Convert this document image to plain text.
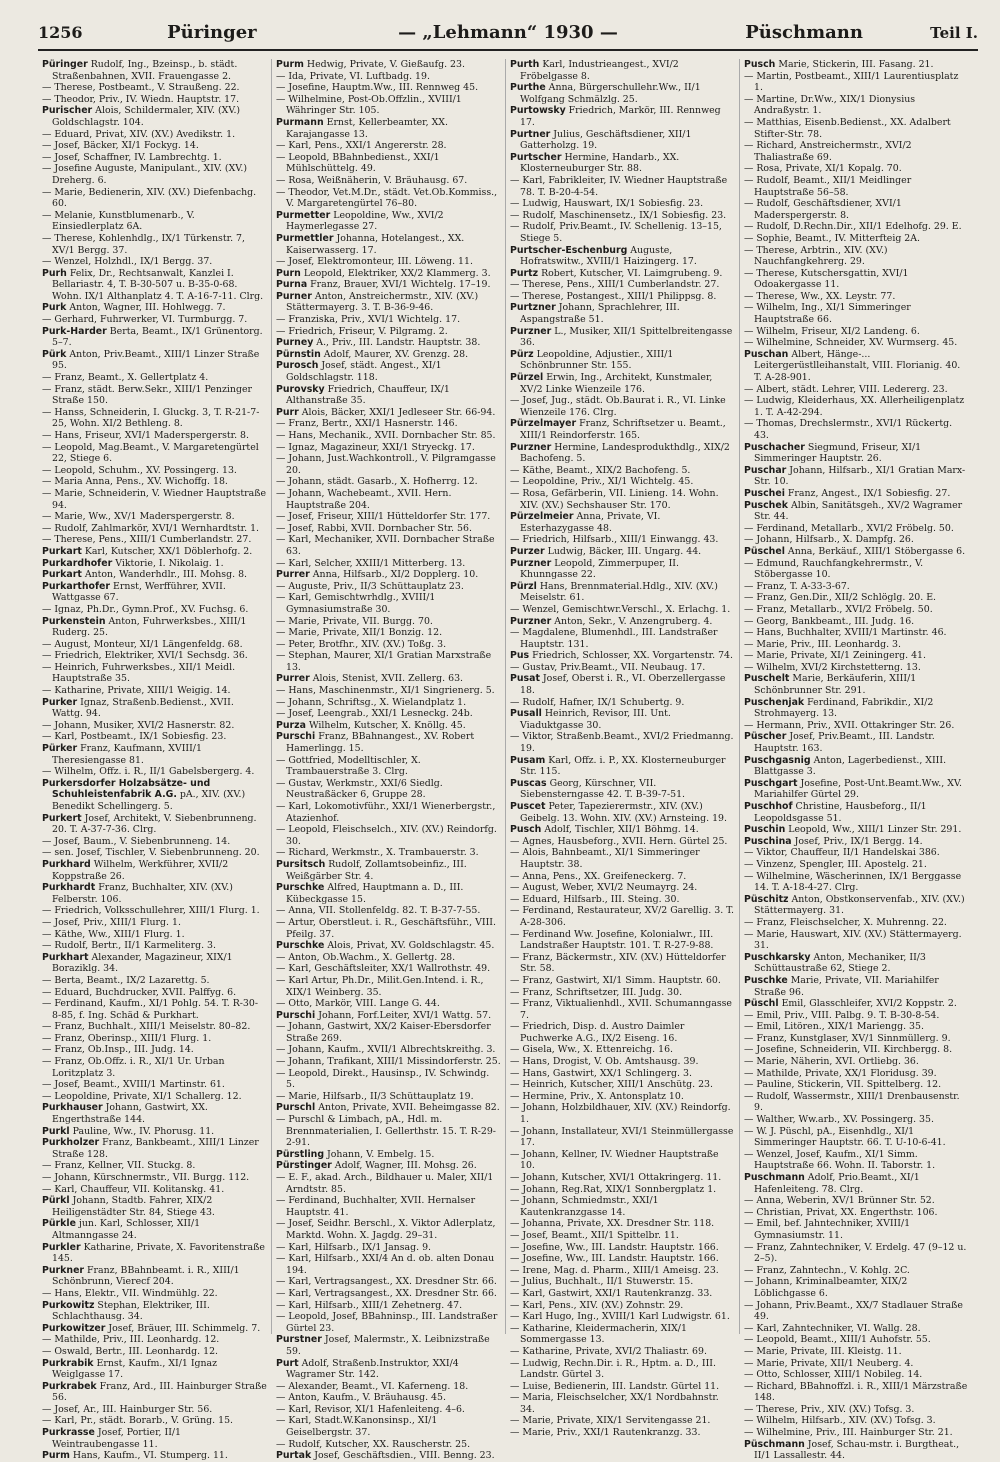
1256	Püringer	— „Lehmann“ 1930 —	Püschmann	Teil I.

Püringer Rudolf, Ing., Bzeinsp., b. städt. Straßenbahnen, XVII. Frauengasse 2.

— Therese, Postbeamt., V. Straußeng. 22.

— Theodor, Priv., IV. Wiedn. Hauptstr. 17.

Purischer Alois, Schildermaler, XIV. (XV.) Goldschlagstr. 104.

— Eduard, Privat, XIV. (XV.) Avedikstr. 1.

— Josef, Bäcker, XI/1 Fockyg. 14.

— Josef, Schaffner, IV. Lambrechtg. 1.

— Josefine Auguste, Manipulant., XIV. (XV.) Dreherg. 6.

— Marie, Bedienerin, XIV. (XV.) Diefenbachg. 60.

— Melanie, Kunstblumenarb., V. Einsiedlerplatz 6A.

— Therese, Kohlenhdlg., IX/1 Türkenstr. 7, XV/1 Bergg. 37.

— Wenzel, Holzhdl., IX/1 Bergg. 37.

Purh Felix, Dr., Rechtsanwalt, Kanzlei I. Bellariastr. 4, T. B-30-507 u. B-35-0-68. Wohn. IX/1 Althanplatz 4. T. A-16-7-11. Clrg.

Purk Anton, Wagner, III. Hohlwegg. 7.

— Gerhard, Fuhrwerker, VI. Turmburgg. 7.

Purk-Harder Berta, Beamt., IX/1 Grünentorg. 5–7.

Pürk Anton, Priv.Beamt., XIII/1 Linzer Straße 95.

— Franz, Beamt., X. Gellertplatz 4.

— Franz, städt. Berw.Sekr., XIII/1 Penzinger Straße 150.

— Hanss, Schneiderin, I. Gluckg. 3, T. R-21-7-25, Wohn. XI/2 Bethleng. 8.

— Hans, Friseur, XVI/1 Maderspergerstr. 8.

— Leopold, Mag.Beamt., V. Margaretengürtel 22, Stiege 6.

— Leopold, Schuhm., XV. Possingerg. 13.

— Maria Anna, Pens., XV. Wichoffg. 18.

— Marie, Schneiderin, V. Wiedner Hauptstraße 94.

— Marie, Ww., XV/1 Maderspergerstr. 8.

— Rudolf, Zahlmarkör, XVI/1 Wernhardtstr. 1.

— Therese, Pens., XIII/1 Cumberlandstr. 27.

Purkart Karl, Kutscher, XX/1 Döblerhofg. 2.

Purkardhofer Viktorie, I. Nikolaig. 1.

Purkart Anton, Wanderhdlr., III. Mohsg. 8.

Purkarthofer Ernst, Werfführer, XVII. Wattgasse 67.

— Ignaz, Ph.Dr., Gymn.Prof., XV. Fuchsg. 6.

Purkenstein Anton, Fuhrwerksbes., XIII/1 Ruderg. 25.

— August, Monteur, XI/1 Längenfeldg. 68.

— Friedrich, Elektriker, XVI/1 Sechsdg. 36.

— Heinrich, Fuhrwerksbes., XII/1 Meidl. Hauptstraße 35.

— Katharine, Private, XIII/1 Weigig. 14.

Purker Ignaz, Straßenb.Bedienst., XVII. Wattg. 94.

— Johann, Musiker, XVI/2 Hasnerstr. 82.

— Karl, Postbeamt., IX/1 Sobiesfig. 23.

Pürker Franz, Kaufmann, XVIII/1 Theresiengasse 81.

— Wilhelm, Offz. i. R., II/1 Gabelsbergerg. 4.

Purkersdorfer Holzabsätze- und Schuhleistenfabrik A.G. pA., XIV. (XV.) Benedikt Schellingerg. 5.

Purkert Josef, Architekt, V. Siebenbrunneng. 20. T. A-37-7-36. Clrg.

— Josef, Baum., V. Siebenbrunneng. 14.

— sen. Josef, Tischler, V. Siebenbrunneng. 20.

Purkhard Wilhelm, Werkführer, XVII/2 Koppstraße 26.

Purkhardt Franz, Buchhalter, XIV. (XV.) Felberstr. 106.

— Friedrich, Volksschullehrer, XIII/1 Flurg. 1.

— Josef, Priv., XIII/1 Flurg. 1.

— Käthe, Ww., XIII/1 Flurg. 1.

— Rudolf, Bertr., II/1 Karmeliterg. 3.

Purkhart Alexander, Magazineur, XIX/1 Boraziklg. 34.

— Berta, Beamt., IX/2 Lazarettg. 5.

— Eduard, Buchdrucker, XVII. Palffyg. 6.

— Ferdinand, Kaufm., XI/1 Pohlg. 54. T. R-30-8-85, f. Ing. Schäd & Purkhart.

— Franz, Buchhalt., XIII/1 Meiselstr. 80–82.

— Franz, Oberinsp., XIII/1 Flurg. 1.

— Franz, Ob.Insp., III. Judg. 14.

— Franz, Ob.Offz. i. R., XI/1 Ur. Urban Loritzplatz 3.

— Josef, Beamt., XVIII/1 Martinstr. 61.

— Leopoldine, Private, XI/1 Schallerg. 12.

Purkhauser Johann, Gastwirt, XX. Engerthstraße 144.

Purkl Pauline, Ww., IV. Phorusg. 11.

Purkholzer Franz, Bankbeamt., XIII/1 Linzer Straße 128.

— Franz, Kellner, VII. Stuckg. 8.

— Johann, Kürschnermstr., VII. Burgg. 112.

— Karl, Chauffeur, VII. Kolitanskg. 41.

Pürkl Johann, Stadtb. Fahrer, XIX/2 Heiligenstädter Str. 84, Stiege 43.

Pürkle jun. Karl, Schlosser, XII/1 Altmanngasse 24.

Purkler Katharine, Private, X. Favoritenstraße 145.

Purkner Franz, BBahnbeamt. i. R., XIII/1 Schönbrunn, Vierecf 204.

— Hans, Elektr., VII. Windmühlg. 22.

Purkowitz Stephan, Elektriker, III. Schlachthausg. 34.

Purkowitzer Josef, Bräuer, III. Schimmelg. 7.

— Mathilde, Priv., III. Leonhardg. 12.

— Oswald, Bertr., III. Leonhardg. 12.

Purkrabik Ernst, Kaufm., XI/1 Ignaz Weiglgasse 17.

Purkrabek Franz, Ard., III. Hainburger Straße 56.

— Josef, Ar., III. Hainburger Str. 56.

— Karl, Pr., städt. Borarb., V. Grüng. 15.

Purkrasse Josef, Portier, II/1 Weintraubengasse 11.

Purm Hans, Kaufm., VI. Stumperg. 11.

Purm Hedwig, Private, V. Gießaufg. 23.

— Ida, Private, VI. Luftbadg. 19.

— Josefine, Hauptm.Ww., III. Rennweg 45.

— Wilhelmine, Post-Ob.Offzlin., XVIII/1 Währinger Str. 105.

Purmann Ernst, Kellerbeamter, XX. Karajangasse 13.

— Karl, Pens., XXI/1 Angererstr. 28.

— Leopold, BBahnbedienst., XXI/1 Mühlschüttelg. 49.

— Rosa, Weißnäherin, V. Bräuhausg. 67.

— Theodor, Vet.M.Dr., städt. Vet.Ob.Kommiss., V. Margaretengürtel 76–80.

Purmetter Leopoldine, Ww., XVI/2 Haymerlegasse 27.

Purmettler Johanna, Hotelangest., XX. Kaiserwasserg. 17.

— Josef, Elektromonteur, III. Löweng. 11.

Purn Leopold, Elektriker, XX/2 Klammerg. 3.

Purna Franz, Brauer, XVI/1 Wichtelg. 17–19.

Purner Anton, Anstreichermstr., XIV. (XV.) Stättermayerg. 3. T. B-36-9-46.

— Franziska, Priv., XVI/1 Wichtelg. 17.

— Friedrich, Friseur, V. Pilgramg. 2.

Purney A., Priv., III. Landstr. Hauptstr. 38.

Pürnstin Adolf, Maurer, XV. Grenzg. 28.

Purosch Josef, städt. Angest., XI/1 Goldschlagstr. 118.

Purovsky Friedrich, Chauffeur, IX/1 Althanstraße 35.

Purr Alois, Bäcker, XXI/1 Jedleseer Str. 66-94.

— Franz, Bertr., XXI/1 Hasnerstr. 146.

— Hans, Mechanik., XVII. Dornbacher Str. 85.

— Ignaz, Magazineur, XXI/1 Stryeckg. 17.

— Johann, Just.Wachkontroll., V. Pilgramgasse 20.

— Johann, städt. Gasarb., X. Hofherrg. 12.

— Johann, Wachebeamt., XVII. Hern. Hauptstraße 204.

— Josef, Friseur, XIII/1 Hütteldorfer Str. 177.

— Josef, Rabbi, XVII. Dornbacher Str. 56.

— Karl, Mechaniker, XVII. Dornbacher Straße 63.

— Karl, Selcher, XXIII/1 Mitterberg. 13.

Purrer Anna, Hilfsarb., XI/2 Dopplerg. 10.

— Auguste, Priv., II/3 Schüttauplatz 23.

— Karl, Gemischtwrhdlg., XVIII/1 Gymnasiumstraße 30.

— Marie, Private, VII. Burgg. 70.

— Marie, Private, XII/1 Bonzig. 12.

— Peter, Brotfhr., XIV. (XV.) Toßg. 3.

— Stephan, Maurer, XI/1 Gratian Marxstraße 13.

Purrer Alois, Stenist, XVII. Zellerg. 63.

— Hans, Maschinenmstr., XI/1 Singrienerg. 5.

— Johann, Schriftsg., X. Wielandplatz 1.

— Josef, Leengrab., XXI/1 Lesneckg. 24b.

Purza Wilhelm, Kutscher, X. Knöllg. 45.

Purschi Franz, BBahnangest., XV. Robert Hamerlingg. 15.

— Gottfried, Modelltischler, X. Trambauerstraße 3. Clrg.

— Gustav, Werkmstr., XXI/6 Siedlg. Neustraßäcker 6, Gruppe 28.

— Karl, Lokomotivführ., XXI/1 Wienerbergstr., Atazienhof.

— Leopold, Fleischselch., XIV. (XV.) Reindorfg. 30.

— Richard, Werkmstr., X. Trambauerstr. 3.

Pursitsch Rudolf, Zollamtsobeinfiz., III. Weißgärber Str. 4.

Purschke Alfred, Hauptmann a. D., III. Kübeckgasse 15.

— Anna, VII. Stollenfeldg. 82. T. B-37-7-55.

— Artur, Oberstleut. i. R., Geschäftsführ., VIII. Pfeilg. 37.

Purschke Alois, Privat, XV. Goldschlagstr. 45.

— Anton, Ob.Wachm., X. Gellertg. 28.

— Karl, Geschäftsleiter, XX/1 Wallrothstr. 49.

— Karl Artur, Ph.Dr., Milit.Gen.Intend. i. R., XIX/1 Weinberg. 35.

— Otto, Markör, VIII. Lange G. 44.

Purschi Johann, Forf.Leiter, XVI/1 Wattg. 57.

— Johann, Gastwirt, XX/2 Kaiser-Ebersdorfer Straße 269.

— Johann, Kaufm., XVII/1 Albrechtskreithg. 3.

— Johann, Trafikant, XIII/1 Missindorferstr. 25.

— Leopold, Direkt., Hausinsp., IV. Schwindg. 5.

— Marie, Hilfsarb., II/3 Schüttauplatz 19.

Purschl Anton, Private, XVII. Beheimgasse 82.

— Purschl & Limbach, pA., Hdl. m. Brennmaterialien, I. Gellerthstr. 15. T. R-29-2-91.

Pürstling Johann, V. Embelg. 15.

Pürstinger Adolf, Wagner, III. Mohsg. 26.

— E. F., akad. Arch., Bildhauer u. Maler, XII/1 Arndtstr. 85.

— Ferdinand, Buchhalter, XVII. Hernalser Hauptstr. 41.

— Josef, Seidhr. Berschl., X. Viktor Adlerplatz, Marktd. Wohn. X. Jagdg. 29–31.

— Karl, Hilfsarb., IX/1 Jansag. 9.

— Karl, Hilfsarb., XXI/4 An d. ob. alten Donau 194.

— Karl, Vertragsangest., XX. Dresdner Str. 66.

— Karl, Vertragsangest., XX. Dresdner Str. 66.

— Karl, Hilfsarb., XIII/1 Zehetnerg. 47.

— Leopold, Josef, BBahninsp., III. Landstraßer Gürtel 23.

Purstner Josef, Malermstr., X. Leibnizstraße 59.

Purt Adolf, Straßenb.Instruktor, XXI/4 Wagramer Str. 142.

— Alexander, Beamt., VI. Kaferneng. 18.

— Anton, Kaufm., V. Bräuhausg. 45.

— Karl, Revisor, XI/1 Hafenleiteng. 4–6.

— Karl, Stadt.W.Kanonsinsp., XI/1 Geiselbergstr. 37.

— Rudolf, Kutscher, XX. Rauscherstr. 25.

Purtak Josef, Geschäftsdien., VIII. Benng. 23.

Purth Karl, Industrieangest., XVI/2 Fröbelgasse 8.

Purthe Anna, Bürgerschullehr.Ww., II/1 Wolfgang Schmälzlg. 25.

Purtowsky Friedrich, Markör, III. Rennweg 17.

Purtner Julius, Geschäftsdiener, XII/1 Gatterholzg. 19.

Purtscher Hermine, Handarb., XX. Klosterneuburger Str. 88.

— Karl, Fabrikleiter, IV. Wiedner Hauptstraße 78. T. B-20-4-54.

— Ludwig, Hauswart, IX/1 Sobiesfig. 23.

— Rudolf, Maschinensetz., IX/1 Sobiesfig. 23.

— Rudolf, Priv.Beamt., IV. Schellenig. 13–15, Stiege 5.

Purtscher-Eschenburg Auguste, Hofratswitw., XVIII/1 Haizingerg. 17.

Purtz Robert, Kutscher, VI. Laimgrubeng. 9.

— Therese, Pens., XIII/1 Cumberlandstr. 27.

— Therese, Postangest., XIII/1 Philippsg. 8.

Purtzner Johann, Sprachlehrer, III. Aspangstraße 51.

Purzner L., Musiker, XII/1 Spittelbreitengasse 36.

Pürz Leopoldine, Adjustier., XIII/1 Schönbrunner Str. 155.

Pürzel Erwin, Ing., Architekt, Kunstmaler, XV/2 Linke Wienzeile 176.

— Josef, Jug., städt. Ob.Baurat i. R., VI. Linke Wienzeile 176. Clrg.

Pürzelmayer Franz, Schriftsetzer u. Beamt., XIII/1 Reindorferstr. 165.

Purzner Hermine, Landesprodukthdlg., XIX/2 Bachofeng. 5.

— Käthe, Beamt., XIX/2 Bachofeng. 5.

— Leopoldine, Priv., XI/1 Wichtelg. 45.

— Rosa, Gefärberin, VII. Linieng. 14. Wohn. XIV. (XV.) Sechshauser Str. 170.

Pürzelmeier Anna, Private, VI. Esterhazygasse 48.

— Friedrich, Hilfsarb., XIII/1 Einwangg. 43.

Purzer Ludwig, Bäcker, III. Ungarg. 44.

Purzner Leopold, Zimmerpuper, II. Khunngasse 22.

Pürzl Hans, Brennmaterial.Hdlg., XIV. (XV.) Meiselstr. 61.

— Wenzel, Gemischtwr.Verschl., X. Erlachg. 1.

Purzner Anton, Sekr., V. Anzengruberg. 4.

— Magdalene, Blumenhdl., III. Landstraßer Hauptstr. 131.

Pus Friedrich, Schlosser, XX. Vorgartenstr. 74.

— Gustav, Priv.Beamt., VII. Neubaug. 17.

Pusat Josef, Oberst i. R., VI. Oberzellergasse 18.

— Rudolf, Hafner, IX/1 Schubertg. 9.

Pusall Heinrich, Revisor, III. Unt. Viaduktgasse 30.

— Viktor, Straßenb.Beamt., XVI/2 Friedmanng. 19.

Pusam Karl, Offz. i. P., XX. Klosterneuburger Str. 115.

Puscas Georg, Kürschner, VII. Siebensterngasse 42. T. B-39-7-51.

Puscet Peter, Tapezierermstr., XIV. (XV.) Geibelg. 13. Wohn. XIV. (XV.) Arnsteing. 19.

Pusch Adolf, Tischler, XII/1 Böhmg. 14.

— Agnes, Hausbeforg., XVII. Hern. Gürtel 25.

— Alois, Bahnbeamt., XI/1 Simmeringer Hauptstr. 38.

— Anna, Pens., XX. Greifeneckerg. 7.

— August, Weber, XVI/2 Neumayrg. 24.

— Eduard, Hilfsarb., III. Steing. 30.

— Ferdinand, Restaurateur, XV/2 Garellig. 3. T. A-28-306.

— Ferdinand Ww. Josefine, Kolonialwr., III. Landstraßer Hauptstr. 101. T. R-27-9-88.

— Franz, Bäckermstr., XIV. (XV.) Hütteldorfer Str. 58.

— Franz, Gastwirt, XI/1 Simm. Hauptstr. 60.

— Franz, Schriftsetzer, III. Judg. 30.

— Franz, Viktualienhdl., XVII. Schumanngasse 7.

— Friedrich, Disp. d. Austro Daimler Puchwerke A.G., IX/2 Eiseng. 16.

— Gisela, Ww., X. Ettenreichg. 16.

— Hans, Drogist, V. Ob. Amtshausg. 39.

— Hans, Gastwirt, XX/1 Schlingerg. 3.

— Heinrich, Kutscher, XIII/1 Anschütg. 23.

— Hermine, Priv., X. Antonsplatz 10.

— Johann, Holzbildhauer, XIV. (XV.) Reindorfg. 1.

— Johann, Installateur, XVI/1 Steinmüllergasse 17.

— Johann, Kellner, IV. Wiedner Hauptstraße 10.

— Johann, Kutscher, XVI/1 Ottakringerg. 11.

— Johann, Reg.Rat, XIX/1 Sonnbergplatz 1.

— Johann, Schmiedmstr., XXI/1 Kautenkranzgasse 14.

— Johanna, Private, XX. Dresdner Str. 118.

— Josef, Beamt., XII/1 Spittelbr. 11.

— Josefine, Ww., III. Landstr. Hauptstr. 166.

— Josefine, Ww., III. Landstr. Hauptstr. 166.

— Irene, Mag. d. Pharm., XIII/1 Ameisg. 23.

— Julius, Buchhalt., II/1 Stuwerstr. 15.

— Karl, Gastwirt, XXI/1 Rautenkranzg. 33.

— Karl, Pens., XIV. (XV.) Zohnstr. 29.

— Karl Hugo, Ing., XVIII/1 Karl Ludwigstr. 61.

— Katharine, Kleidermacherin, XIX/1 Sommergasse 13.

— Katharine, Private, XVI/2 Thaliastr. 69.

— Ludwig, Rechn.Dir. i. R., Hptm. a. D., III. Landstr. Gürtel 3.

— Luise, Bedienerin, III. Landstr. Gürtel 11.

— Maria, Fleischselcher, XX/1 Nordbahnstr. 34.

— Marie, Private, XIX/1 Servitengasse 21.

— Marie, Priv., XXI/1 Rautenkranzg. 33.

Pusch Marie, Stickerin, III. Fasang. 21.

— Martin, Postbeamt., XIII/1 Laurentiusplatz 1.

— Martine, Dr.Ww., XIX/1 Dionysius Andraßystr. 1.

— Matthias, Eisenb.Bedienst., XX. Adalbert Stifter-Str. 78.

— Richard, Anstreichermstr., XVI/2 Thaliastraße 69.

— Rosa, Private, XI/1 Kopalg. 70.

— Rudolf, Beamt., XII/1 Meidlinger Hauptstraße 56–58.

— Rudolf, Geschäftsdiener, XVI/1 Maderspergerstr. 8.

— Rudolf, D.Rechn.Dir., XII/1 Edelhofg. 29. E.

— Sophie, Beamt., IV. Mitterfteig 2A.

— Therese, Arbtrin., XIV. (XV.) Nauchfangkehrerg. 29.

— Therese, Kutschersgattin, XVI/1 Odoakergasse 11.

— Therese, Ww., XX. Leystr. 77.

— Wilhelm, Ing., XI/1 Simmeringer Hauptstraße 66.

— Wilhelm, Friseur, XI/2 Landeng. 6.

— Wilhelmine, Schneider, XV. Wurmserg. 45.

Puschan Albert, Hänge-... Leitergerüstlleihanstalt, VIII. Florianig. 40. T. A-28-901.

— Albert, städt. Lehrer, VIII. Ledererg. 23.

— Ludwig, Kleiderhaus, XX. Allerheiligenplatz 1. T. A-42-294.

— Thomas, Drechslermstr., XVI/1 Rückertg. 43.

Puschacher Siegmund, Friseur, XI/1 Simmeringer Hauptstr. 26.

Puschar Johann, Hilfsarb., XI/1 Gratian Marx-Str. 10.

Puschei Franz, Angest., IX/1 Sobiesfig. 27.

Puschek Albin, Sanitätsgeh., XV/2 Wagramer Str. 44.

— Ferdinand, Metallarb., XVI/2 Fröbelg. 50.

— Johann, Hilfsarb., X. Dampfg. 26.

Püschel Anna, Berkäuf., XIII/1 Stöbergasse 6.

— Edmund, Rauchfangkehrermstr., V. Stöbergasse 10.

— Franz, T. A-33-3-67.

— Franz, Gen.Dir., XII/2 Schlöglg. 20. E.

— Franz, Metallarb., XVI/2 Fröbelg. 50.

— Georg, Bankbeamt., III. Judg. 16.

— Hans, Buchhalter, XVIII/1 Martinstr. 46.

— Marie, Priv., III. Leonhardg. 3.

— Marie, Private, XI/1 Zeiningerg. 41.

— Wilhelm, XVI/2 Kirchstetterng. 13.

Puschelt Marie, Berkäuferin, XIII/1 Schönbrunner Str. 291.

Puschenjak Ferdinand, Fabrikdir., XI/2 Strohmayerg. 13.

— Hermann, Priv., XVII. Ottakringer Str. 26.

Püscher Josef, Priv.Beamt., III. Landstr. Hauptstr. 163.

Puschgasnig Anton, Lagerbedienst., XIII. Blattgasse 3.

Puschgart Josefine, Post-Unt.Beamt.Ww., XV. Mariahilfer Gürtel 29.

Puschhof Christine, Hausbeforg., II/1 Leopoldsgasse 51.

Puschin Leopold, Ww., XIII/1 Linzer Str. 291.

Puschina Josef, Priv., IX/1 Bergg. 14.

— Viktor, Chauffeur, II/1 Handelskai 386.

— Vinzenz, Spengler, III. Apostelg. 21.

— Wilhelmine, Wäscherinnen, IX/1 Berggasse 14. T. A-18-4-27. Clrg.

Püschitz Anton, Obstkonservenfab., XIV. (XV.) Stättermayerg. 31.

— Franz, Fleischselcher, X. Muhrenng. 22.

— Marie, Hauswart, XIV. (XV.) Stättermayerg. 31.

Puschkarsky Anton, Mechaniker, II/3 Schüttaustraße 62, Stiege 2.

Puschke Marie, Private, VII. Mariahilfer Straße 96.

Püschl Emil, Glasschleifer, XVI/2 Koppstr. 2.

— Emil, Priv., VIII. Palbg. 9. T. B-30-8-54.

— Emil, Litören., XIX/1 Mariengg. 35.

— Franz, Kunstglaser, XV/1 Sinnmüllerg. 9.

— Josefine, Schneiderin, VII. Kirchbergg. 8.

— Marie, Näherin, XVI. Ortliebg. 36.

— Mathilde, Private, XX/1 Floridusg. 39.

— Pauline, Stickerin, VII. Spittelberg. 12.

— Rudolf, Wassermstr., XIII/1 Drenbausenstr. 9.

— Walther, Ww.arb., XV. Possingerg. 35.

— W. J. Püschl, pA., Eisenhdlg., XI/1 Simmeringer Hauptstr. 66. T. U-10-6-41.

— Wenzel, Josef, Kaufm., XI/1 Simm. Hauptstraße 66. Wohn. II. Taborstr. 1.

Puschmann Adolf, Prio.Beamt., XI/1 Hafenleiteng. 78. Clrg.

— Anna, Weberin, XV/1 Brünner Str. 52.

— Christian, Privat, XX. Engerthstr. 106.

— Emil, bef. Jahntechniker, XVIII/1 Gymnasiumstr. 11.

— Franz, Zahntechniker, V. Erdelg. 47 (9–12 u. 2–5).

— Franz, Zahntechn., V. Kohlg. 2C.

— Johann, Kriminalbeamter, XIX/2 Löblichgasse 6.

— Johann, Priv.Beamt., XX/7 Stadlauer Straße 49.

— Karl, Zahntechniker, VI. Wallg. 28.

— Leopold, Beamt., XIII/1 Auhofstr. 55.

— Marie, Private, III. Kleistg. 11.

— Marie, Private, XII/1 Neuberg. 4.

— Otto, Schlosser, XIII/1 Nobileg. 14.

— Richard, BBahnoffzl. i. R., XIII/1 Märzstraße 148.

— Therese, Priv., XIV. (XV.) Tofsg. 3.

— Wilhelm, Hilfsarb., XIV. (XV.) Tofsg. 3.

— Wilhelmine, Priv., III. Hainburger Str. 21.

Püschmann Josef, Schau-mstr. i. Burgtheat., II/1 Lassallestr. 44.
